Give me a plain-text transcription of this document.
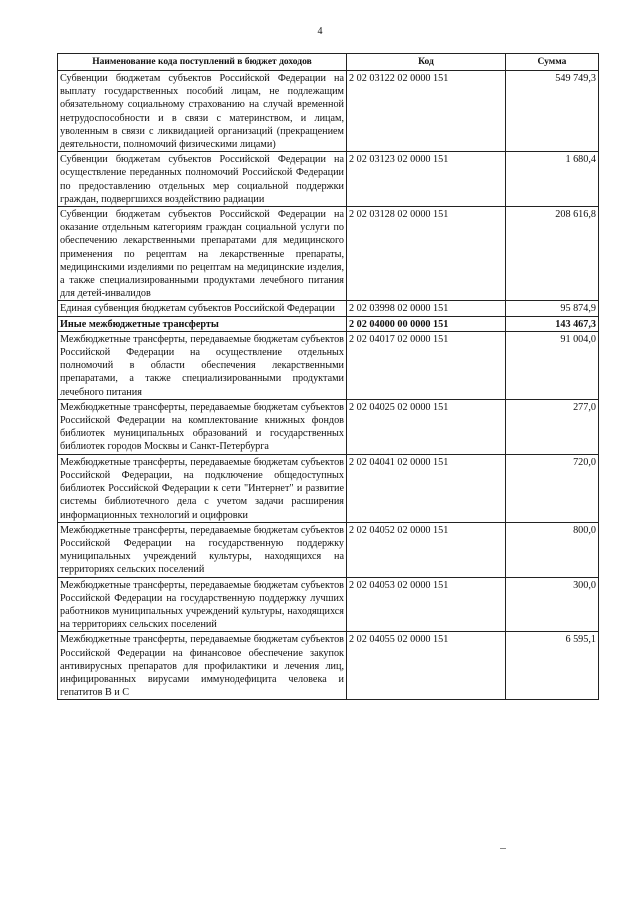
4
Наименование кода поступлений в бюджет доходов	Код	Сумма
Субвенции бюджетам субъектов Российской Федерации на выплату государственных пособий лицам, не подлежащим обязательному социальному страхованию на случай временной нетрудоспособности и в связи с материнством, и лицам, уволенным в связи с ликвидацией организаций (прекращением деятельности, полномочий физическими лицами)	2 02 03122 02 0000 151	549 749,3
Субвенции бюджетам субъектов Российской Федерации на осуществление переданных полномочий Российской Федерации по предоставлению отдельных мер социальной поддержки граждан, подвергшихся воздействию радиации	2 02 03123 02 0000 151	1 680,4
Субвенции бюджетам субъектов Российской Федерации на оказание отдельным категориям граждан социальной услуги по обеспечению лекарственными препаратами для медицинского применения по рецептам на лекарственные препараты, медицинскими изделиями по рецептам на медицинские изделия, а также специализированными продуктами лечебного питания для детей-инвалидов	2 02 03128 02 0000 151	208 616,8
Единая субвенция бюджетам субъектов Российской Федерации	2 02 03998 02 0000 151	95 874,9
Иные межбюджетные трансферты	2 02 04000 00 0000 151	143 467,3
Межбюджетные трансферты, передаваемые бюджетам субъектов Российской Федерации на осуществление отдельных полномочий в области обеспечения лекарственными препаратами, а также специализированными продуктами лечебного питания	2 02 04017 02 0000 151	91 004,0
Межбюджетные трансферты, передаваемые бюджетам субъектов Российской Федерации на комплектование книжных фондов библиотек муниципальных образований и государственных библиотек городов Москвы и Санкт-Петербурга	2 02 04025 02 0000 151	277,0
Межбюджетные трансферты, передаваемые бюджетам субъектов Российской Федерации, на подключение общедоступных библиотек Российской Федерации к сети "Интернет" и развитие системы библиотечного дела с учетом задачи расширения информационных технологий и оцифровки	2 02 04041 02 0000 151	720,0
Межбюджетные трансферты, передаваемые бюджетам субъектов Российской Федерации на государственную поддержку муниципальных учреждений культуры, находящихся на территориях сельских поселений	2 02 04052 02 0000 151	800,0
Межбюджетные трансферты, передаваемые бюджетам субъектов Российской Федерации на государственную поддержку лучших работников муниципальных учреждений культуры, находящихся на территориях сельских поселений	2 02 04053 02 0000 151	300,0
Межбюджетные трансферты, передаваемые бюджетам субъектов Российской Федерации на финансовое обеспечение закупок антивирусных препаратов для профилактики и лечения лиц, инфицированных вирусами иммунодефицита человека и гепатитов B и C	2 02 04055 02 0000 151	6 595,1
